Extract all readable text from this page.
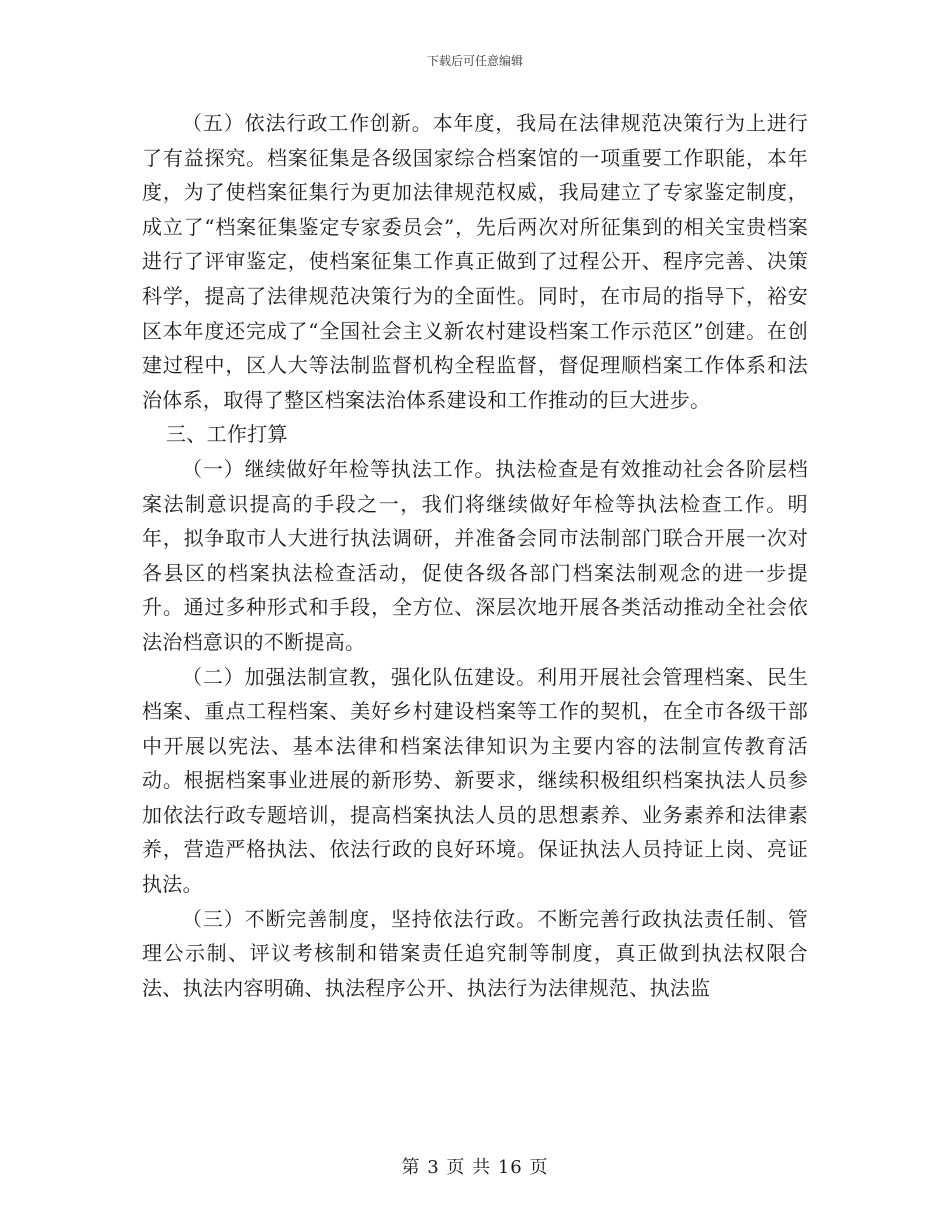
下载后可任意编辑

（五）依法行政工作创新。本年度，我局在法律规范决策行为上进行了有益探究。档案征集是各级国家综合档案馆的一项重要工作职能，本年度，为了使档案征集行为更加法律规范权威，我局建立了专家鉴定制度，成立了“档案征集鉴定专家委员会”，先后两次对所征集到的相关宝贵档案进行了评审鉴定，使档案征集工作真正做到了过程公开、程序完善、决策科学，提高了法律规范决策行为的全面性。同时，在市局的指导下，裕安区本年度还完成了“全国社会主义新农村建设档案工作示范区”创建。在创建过程中，区人大等法制监督机构全程监督，督促理顺档案工作体系和法治体系，取得了整区档案法治体系建设和工作推动的巨大进步。

三、工作打算

（一）继续做好年检等执法工作。执法检查是有效推动社会各阶层档案法制意识提高的手段之一，我们将继续做好年检等执法检查工作。明年，拟争取市人大进行执法调研，并准备会同市法制部门联合开展一次对各县区的档案执法检查活动，促使各级各部门档案法制观念的进一步提升。通过多种形式和手段，全方位、深层次地开展各类活动推动全社会依法治档意识的不断提高。

（二）加强法制宣教，强化队伍建设。利用开展社会管理档案、民生档案、重点工程档案、美好乡村建设档案等工作的契机，在全市各级干部中开展以宪法、基本法律和档案法律知识为主要内容的法制宣传教育活动。根据档案事业进展的新形势、新要求，继续积极组织档案执法人员参加依法行政专题培训，提高档案执法人员的思想素养、业务素养和法律素养，营造严格执法、依法行政的良好环境。保证执法人员持证上岗、亮证执法。

（三）不断完善制度，坚持依法行政。不断完善行政执法责任制、管理公示制、评议考核制和错案责任追究制等制度，真正做到执法权限合法、执法内容明确、执法程序公开、执法行为法律规范、执法监

第 3 页 共 16 页
